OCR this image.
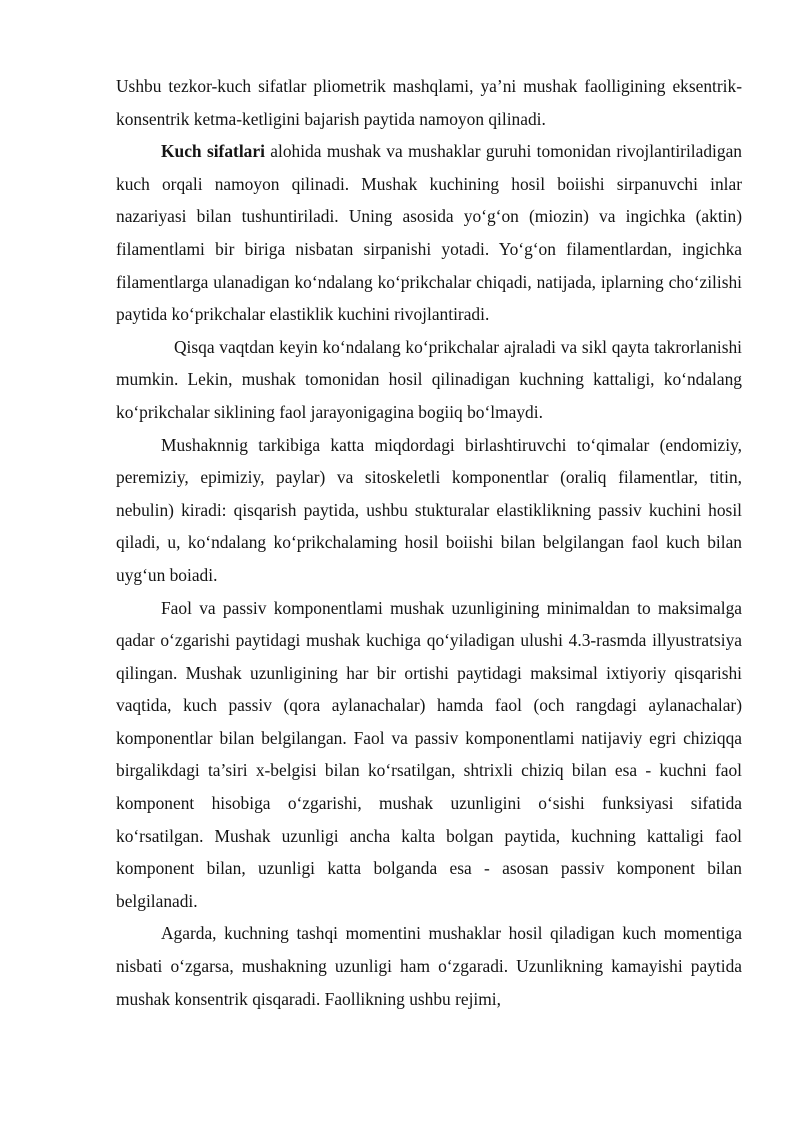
Ushbu tezkor-kuch sifatlar pliometrik mashqlami, ya’ni mushak faolligining eksentrik-konsentrik ketma-ketligini bajarish paytida namoyon qilinadi.

Kuch sifatlari alohida mushak va mushaklar guruhi tomonidan rivojlantiriladigan kuch orqali namoyon qilinadi. Mushak kuchining hosil boiishi sirpanuvchi inlar nazariyasi bilan tushuntiriladi. Uning asosida yo‘g‘on (miozin) va ingichka (aktin) filamentlami bir biriga nisbatan sirpanishi yotadi. Yo‘g‘on filamentlardan, ingichka filamentlarga ulanadigan ko‘ndalang ko‘prikchalar chiqadi, natijada, iplarning cho‘zilishi paytida ko‘prikchalar elastiklik kuchini rivojlantiradi.

Qisqa vaqtdan keyin ko‘ndalang ko‘prikchalar ajraladi va sikl qayta takrorlanishi mumkin. Lekin, mushak tomonidan hosil qilinadigan kuchning kattaligi, ko‘ndalang ko‘prikchalar siklining faol jarayonigagina bogiiq bo‘lmaydi.

Mushaknnig tarkibiga katta miqdordagi birlashtiruvchi to‘qimalar (endomiziy, peremiziy, epimiziy, paylar) va sitoskeletli komponentlar (oraliq filamentlar, titin, nebulin) kiradi: qisqarish paytida, ushbu stukturalar elastiklikning passiv kuchini hosil qiladi, u, ko‘ndalang ko‘prikchalaming hosil boiishi bilan belgilangan faol kuch bilan uyg‘un boiadi.

Faol va passiv komponentlami mushak uzunligining minimaldan to maksimalga qadar o‘zgarishi paytidagi mushak kuchiga qo‘yiladigan ulushi 4.3-rasmda illyustratsiya qilingan. Mushak uzunligining har bir ortishi paytidagi maksimal ixtiyoriy qisqarishi vaqtida, kuch passiv (qora aylanachalar) hamda faol (och rangdagi aylanachalar) komponentlar bilan belgilangan. Faol va passiv komponentlami natijaviy egri chiziqqa birgalikdagi ta’siri x-belgisi bilan ko‘rsatilgan, shtrixli chiziq bilan esa - kuchni faol komponent hisobiga o‘zgarishi, mushak uzunligini o‘sishi funksiyasi sifatida ko‘rsatilgan. Mushak uzunligi ancha kalta bolgan paytida, kuchning kattaligi faol komponent bilan, uzunligi katta bolganda esa - asosan passiv komponent bilan belgilanadi.

Agarda, kuchning tashqi momentini mushaklar hosil qiladigan kuch momentiga nisbati o‘zgarsa, mushakning uzunligi ham o‘zgaradi. Uzunlikning kamayishi paytida mushak konsentrik qisqaradi. Faollikning ushbu rejimi,
